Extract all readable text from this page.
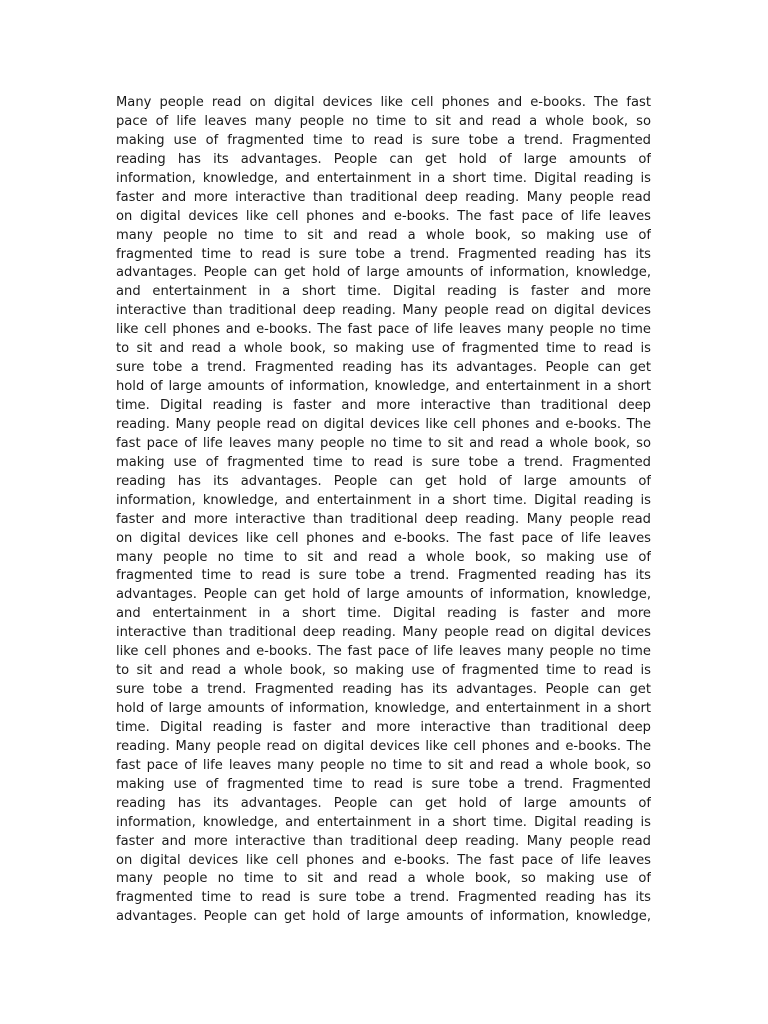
Many people read on digital devices like cell phones and e-books. The fast
pace of life leaves many people no time to sit and read a whole book, so
making use of fragmented time to read is sure tobe a trend. Fragmented
reading has its advantages. People can get hold of large amounts of
information, knowledge, and entertainment in a short time. Digital reading is
faster and more interactive than traditional deep reading. Many people read
on digital devices like cell phones and e-books. The fast pace of life leaves
many people no time to sit and read a whole book, so making use of
fragmented time to read is sure tobe a trend. Fragmented reading has its
advantages. People can get hold of large amounts of information, knowledge,
and entertainment in a short time. Digital reading is faster and more
interactive than traditional deep reading. Many people read on digital devices
like cell phones and e-books. The fast pace of life leaves many people no time
to sit and read a whole book, so making use of fragmented time to read is
sure tobe a trend. Fragmented reading has its advantages. People can get
hold of large amounts of information, knowledge, and entertainment in a short
time. Digital reading is faster and more interactive than traditional deep
reading. Many people read on digital devices like cell phones and e-books. The
fast pace of life leaves many people no time to sit and read a whole book, so
making use of fragmented time to read is sure tobe a trend. Fragmented
reading has its advantages. People can get hold of large amounts of
information, knowledge, and entertainment in a short time. Digital reading is
faster and more interactive than traditional deep reading. Many people read
on digital devices like cell phones and e-books. The fast pace of life leaves
many people no time to sit and read a whole book, so making use of
fragmented time to read is sure tobe a trend. Fragmented reading has its
advantages. People can get hold of large amounts of information, knowledge,
and entertainment in a short time. Digital reading is faster and more
interactive than traditional deep reading. Many people read on digital devices
like cell phones and e-books. The fast pace of life leaves many people no time
to sit and read a whole book, so making use of fragmented time to read is
sure tobe a trend. Fragmented reading has its advantages. People can get
hold of large amounts of information, knowledge, and entertainment in a short
time. Digital reading is faster and more interactive than traditional deep
reading. Many people read on digital devices like cell phones and e-books. The
fast pace of life leaves many people no time to sit and read a whole book, so
making use of fragmented time to read is sure tobe a trend. Fragmented
reading has its advantages. People can get hold of large amounts of
information, knowledge, and entertainment in a short time. Digital reading is
faster and more interactive than traditional deep reading. Many people read
on digital devices like cell phones and e-books. The fast pace of life leaves
many people no time to sit and read a whole book, so making use of
fragmented time to read is sure tobe a trend. Fragmented reading has its
advantages. People can get hold of large amounts of information, knowledge,
